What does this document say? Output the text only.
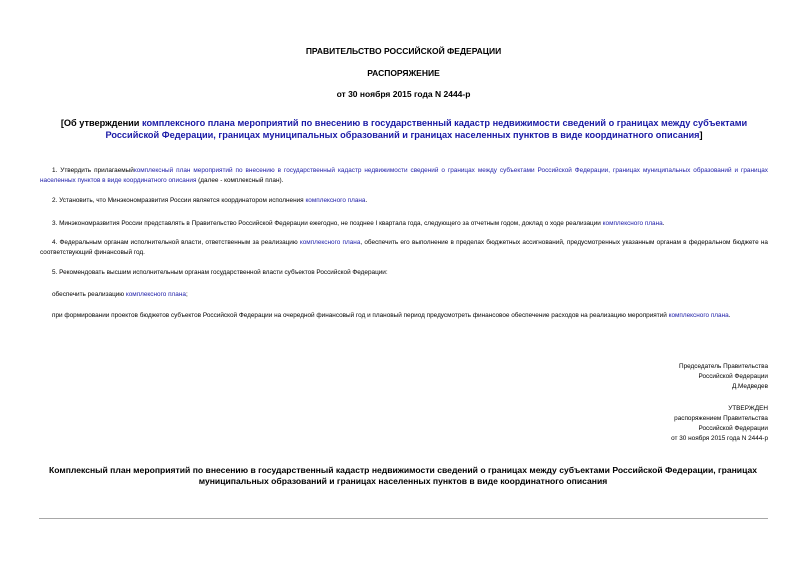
ПРАВИТЕЛЬСТВО РОССИЙСКОЙ ФЕДЕРАЦИИ
РАСПОРЯЖЕНИЕ
от 30 ноября 2015 года N 2444-р
[Об утверждении комплексного плана мероприятий по внесению в государственный кадастр недвижимости сведений о границах между субъектами Российской Федерации, границах муниципальных образований и границах населенных пунктов в виде координатного описания]
1. Утвердить прилагаемыйкомплексный план мероприятий по внесению в государственный кадастр недвижимости сведений о границах между субъектами Российской Федерации, границах муниципальных образований и границах населенных пунктов в виде координатного описания (далее - комплексный план).
2. Установить, что Минэкономразвития России является координатором исполнения комплексного плана.
3. Минэкономразвития России представлять в Правительство Российской Федерации ежегодно, не позднее I квартала года, следующего за отчетным годом, доклад о ходе реализации комплексного плана.
4. Федеральным органам исполнительной власти, ответственным за реализацию комплексного плана, обеспечить его выполнение в пределах бюджетных ассигнований, предусмотренных указанным органам в федеральном бюджете на соответствующий финансовый год.
5. Рекомендовать высшим исполнительным органам государственной власти субъектов Российской Федерации:
обеспечить реализацию комплексного плана;
при формировании проектов бюджетов субъектов Российской Федерации на очередной финансовый год и плановый период предусмотреть финансовое обеспечение расходов на реализацию мероприятий комплексного плана.
Председатель Правительства
Российской Федерации
Д.Медведев
УТВЕРЖДЕН
распоряжением Правительства
Российской Федерации
от 30 ноября 2015 года N 2444-р
Комплексный план мероприятий по внесению в государственный кадастр недвижимости сведений о границах между субъектами Российской Федерации, границах муниципальных образований и границах населенных пунктов в виде координатного описания
